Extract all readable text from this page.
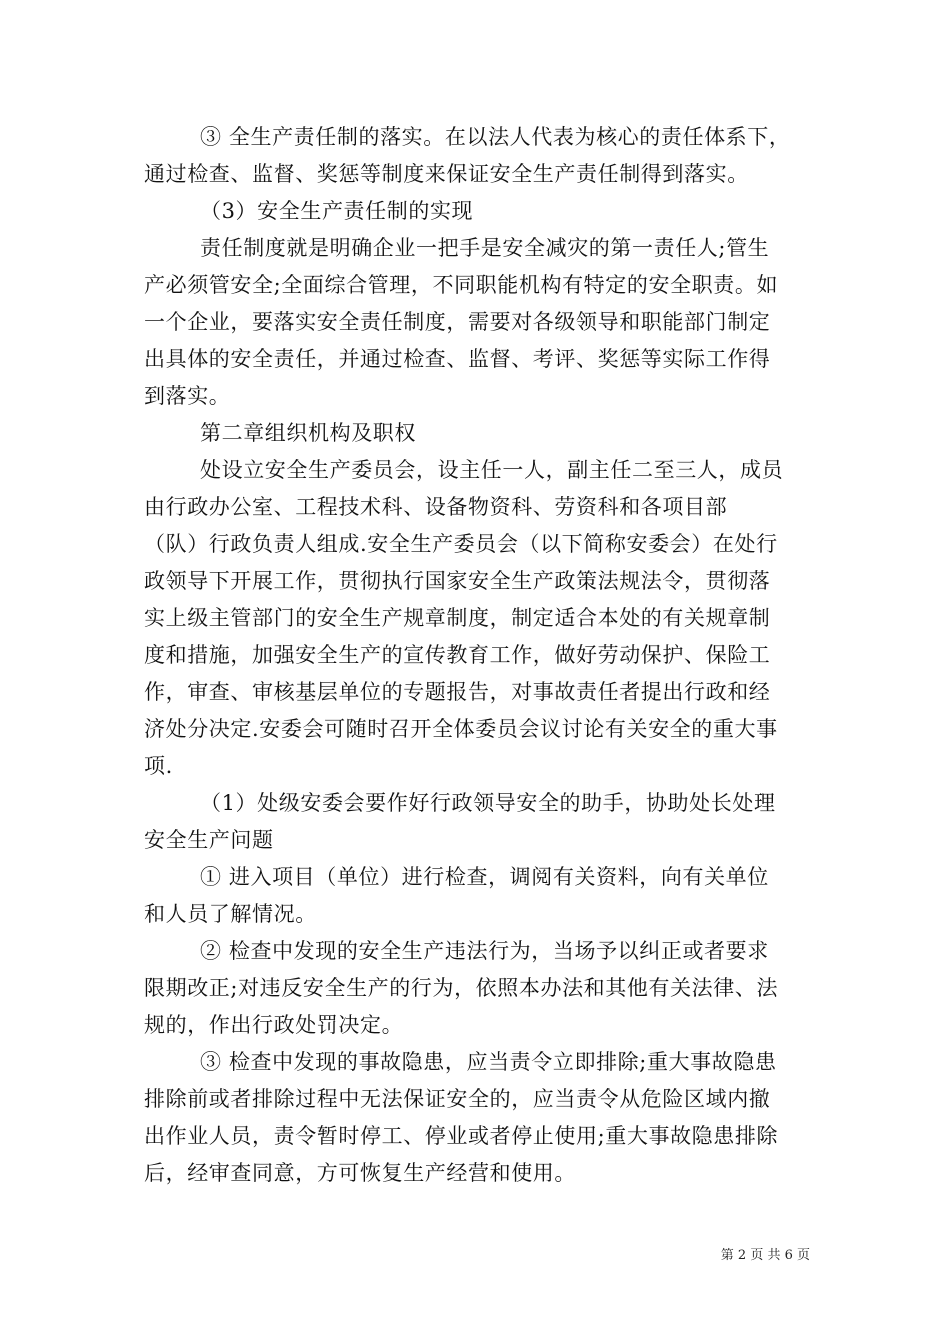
③ 全生产责任制的落实。在以法人代表为核心的责任体系下，
通过检查、监督、奖惩等制度来保证安全生产责任制得到落实。
（3）安全生产责任制的实现
责任制度就是明确企业一把手是安全减灾的第一责任人;管生
产必须管安全;全面综合管理，不同职能机构有特定的安全职责。如
一个企业，要落实安全责任制度，需要对各级领导和职能部门制定
出具体的安全责任，并通过检查、监督、考评、奖惩等实际工作得
到落实。
第二章组织机构及职权
处设立安全生产委员会，设主任一人，副主任二至三人，成员
由行政办公室、工程技术科、设备物资科、劳资科和各项目部
（队）行政负责人组成.安全生产委员会（以下简称安委会）在处行
政领导下开展工作，贯彻执行国家安全生产政策法规法令，贯彻落
实上级主管部门的安全生产规章制度，制定适合本处的有关规章制
度和措施，加强安全生产的宣传教育工作，做好劳动保护、保险工
作，审查、审核基层单位的专题报告，对事故责任者提出行政和经
济处分决定.安委会可随时召开全体委员会议讨论有关安全的重大事
项.
（1）处级安委会要作好行政领导安全的助手，协助处长处理
安全生产问题
① 进入项目（单位）进行检查，调阅有关资料，向有关单位
和人员了解情况。
② 检查中发现的安全生产违法行为，当场予以纠正或者要求
限期改正;对违反安全生产的行为，依照本办法和其他有关法律、法
规的，作出行政处罚决定。
③ 检查中发现的事故隐患，应当责令立即排除;重大事故隐患
排除前或者排除过程中无法保证安全的，应当责令从危险区域内撤
出作业人员，责令暂时停工、停业或者停止使用;重大事故隐患排除
后，经审查同意，方可恢复生产经营和使用。
第 2 页 共 6 页
